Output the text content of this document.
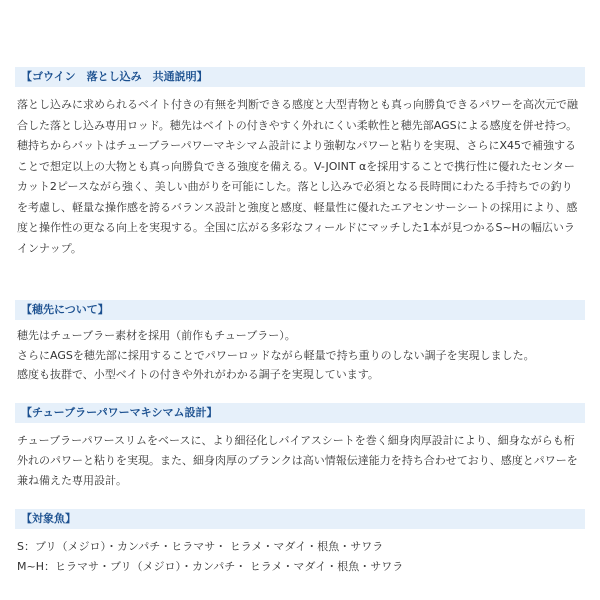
【ゴウイン　落とし込み　共通説明】
落とし込みに求められるベイト付きの有無を判断できる感度と大型青物とも真っ向勝負できるパワーを高次元で融合した落とし込み専用ロッド。穂先はベイトの付きやすく外れにくい柔軟性と穂先部AGSによる感度を併せ持つ。穂持ちからバットはチューブラーパワーマキシマム設計により強靭なパワーと粘りを実現、さらにX45で補強することで想定以上の大物とも真っ向勝負できる強度を備える。V-JOINT αを採用することで携行性に優れたセンターカット2ピースながら強く、美しい曲がりを可能にした。落とし込みで必須となる長時間にわたる手持ちでの釣りを考慮し、軽量な操作感を誇るバランス設計と強度と感度、軽量性に優れたエアセンサーシートの採用により、感度と操作性の更なる向上を実現する。全国に広がる多彩なフィールドにマッチした1本が見つかるS~Hの幅広いラインナップ。
【穂先について】
穂先はチューブラー素材を採用（前作もチューブラー）。
さらにAGSを穂先部に採用することでパワーロッドながら軽量で持ち重りのしない調子を実現しました。
感度も抜群で、小型ベイトの付きや外れがわかる調子を実現しています。
【チューブラーパワーマキシマム設計】
チューブラーパワースリムをベースに、より細径化しバイアスシートを巻く細身肉厚設計により、細身ながらも桁外れのパワーと粘りを実現。また、細身肉厚のブランクは高い情報伝達能力を持ち合わせており、感度とパワーを兼ね備えた専用設計。
【対象魚】
S：ブリ（メジロ）・カンパチ・ヒラマサ・ ヒラメ・マダイ・根魚・サワラ
M~H：ヒラマサ・ブリ（メジロ）・カンパチ・ ヒラメ・マダイ・根魚・サワラ
